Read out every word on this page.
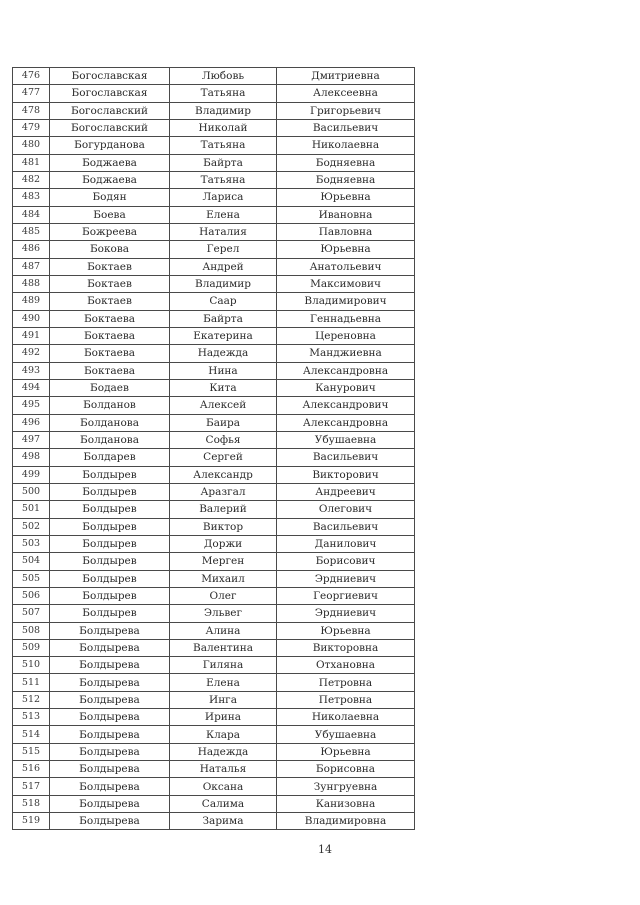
476	Богославская	Любовь	Дмитриевна
477	Богославская	Татьяна	Алексеевна
478	Богославский	Владимир	Григорьевич
479	Богославский	Николай	Васильевич
480	Богурданова	Татьяна	Николаевна
481	Боджаева	Байрта	Бодняевна
482	Боджаева	Татьяна	Бодняевна
483	Бодян	Лариса	Юрьевна
484	Боева	Елена	Ивановна
485	Божреева	Наталия	Павловна
486	Бокова	Герел	Юрьевна
487	Боктаев	Андрей	Анатольевич
488	Боктаев	Владимир	Максимович
489	Боктаев	Саар	Владимирович
490	Боктаева	Байрта	Геннадьевна
491	Боктаева	Екатерина	Цереновна
492	Боктаева	Надежда	Манджиевна
493	Боктаева	Нина	Александровна
494	Бодаев	Кита	Канурович
495	Болданов	Алексей	Александрович
496	Болданова	Баира	Александровна
497	Болданова	Софья	Убушаевна
498	Болдарев	Сергей	Васильевич
499	Болдырев	Александр	Викторович
500	Болдырев	Аразгал	Андреевич
501	Болдырев	Валерий	Олегович
502	Болдырев	Виктор	Васильевич
503	Болдырев	Доржи	Данилович
504	Болдырев	Мерген	Борисович
505	Болдырев	Михаил	Эрдниевич
506	Болдырев	Олег	Георгиевич
507	Болдырев	Эльвег	Эрдниевич
508	Болдырева	Алина	Юрьевна
509	Болдырева	Валентина	Викторовна
510	Болдырева	Гиляна	Отхановна
511	Болдырева	Елена	Петровна
512	Болдырева	Инга	Петровна
513	Болдырева	Ирина	Николаевна
514	Болдырева	Клара	Убушаевна
515	Болдырева	Надежда	Юрьевна
516	Болдырева	Наталья	Борисовна
517	Болдырева	Оксана	Зунгруевна
518	Болдырева	Салима	Канизовна
519	Болдырева	Зарима	Владимировна
14
